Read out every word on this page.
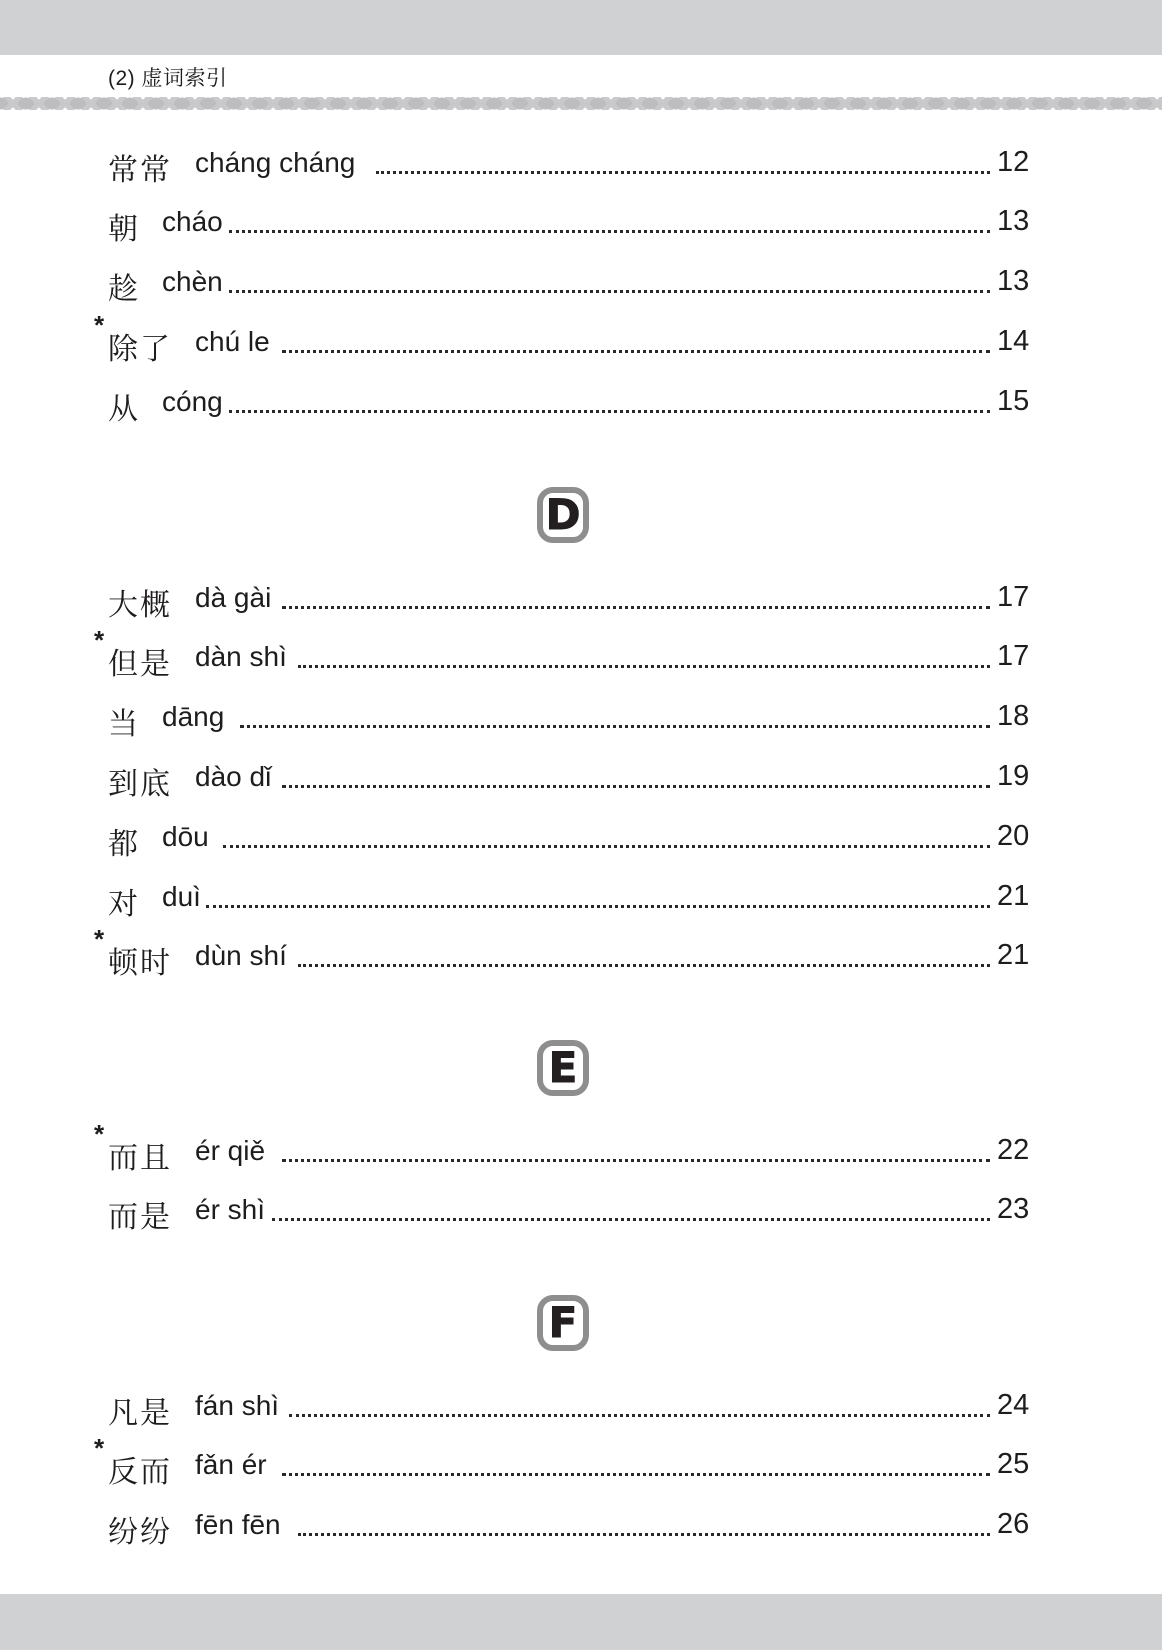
(2) 虚词索引
常常 cháng cháng	12
朝 cháo	13
趁 chèn	13
*
除了 chú le	14
从 cóng	15
D
大概 dà gài	17
*
但是 dàn shì	17
当 dāng	18
到底 dào dǐ	19
都 dōu	20
对 duì	21
*
顿时 dùn shí	21
E
*
而且 ér qiě	22
而是 ér shì	23
F
凡是 fán shì	24
*
反而 fǎn ér	25
纷纷 fēn fēn	26
